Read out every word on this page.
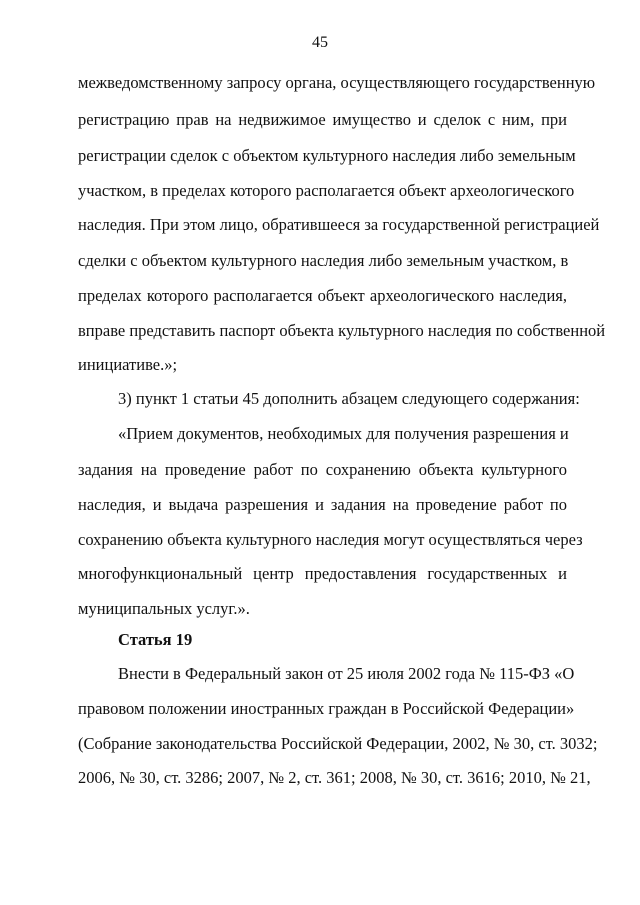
45
межведомственному запросу органа, осуществляющего государственную
регистрацию прав на недвижимое имущество и сделок с ним, при
регистрации сделок с объектом культурного наследия либо земельным
участком, в пределах которого располагается объект археологического
наследия. При этом лицо, обратившееся за государственной регистрацией
сделки с объектом культурного наследия либо земельным участком, в
пределах которого располагается объект археологического наследия,
вправе представить паспорт объекта культурного наследия по собственной
инициативе.»;
3) пункт 1 статьи 45 дополнить абзацем следующего содержания:
«Прием документов, необходимых для получения разрешения и
задания на проведение работ по сохранению объекта культурного
наследия, и выдача разрешения и задания на проведение работ по
сохранению объекта культурного наследия могут осуществляться через
многофункциональный центр предоставления государственных и
муниципальных услуг.».
Статья 19
Внести в Федеральный закон от 25 июля 2002 года № 115-ФЗ «О
правовом положении иностранных граждан в Российской Федерации»
(Собрание законодательства Российской Федерации, 2002, № 30, ст. 3032;
2006, № 30, ст. 3286; 2007, № 2, ст. 361; 2008, № 30, ст. 3616; 2010, № 21,
